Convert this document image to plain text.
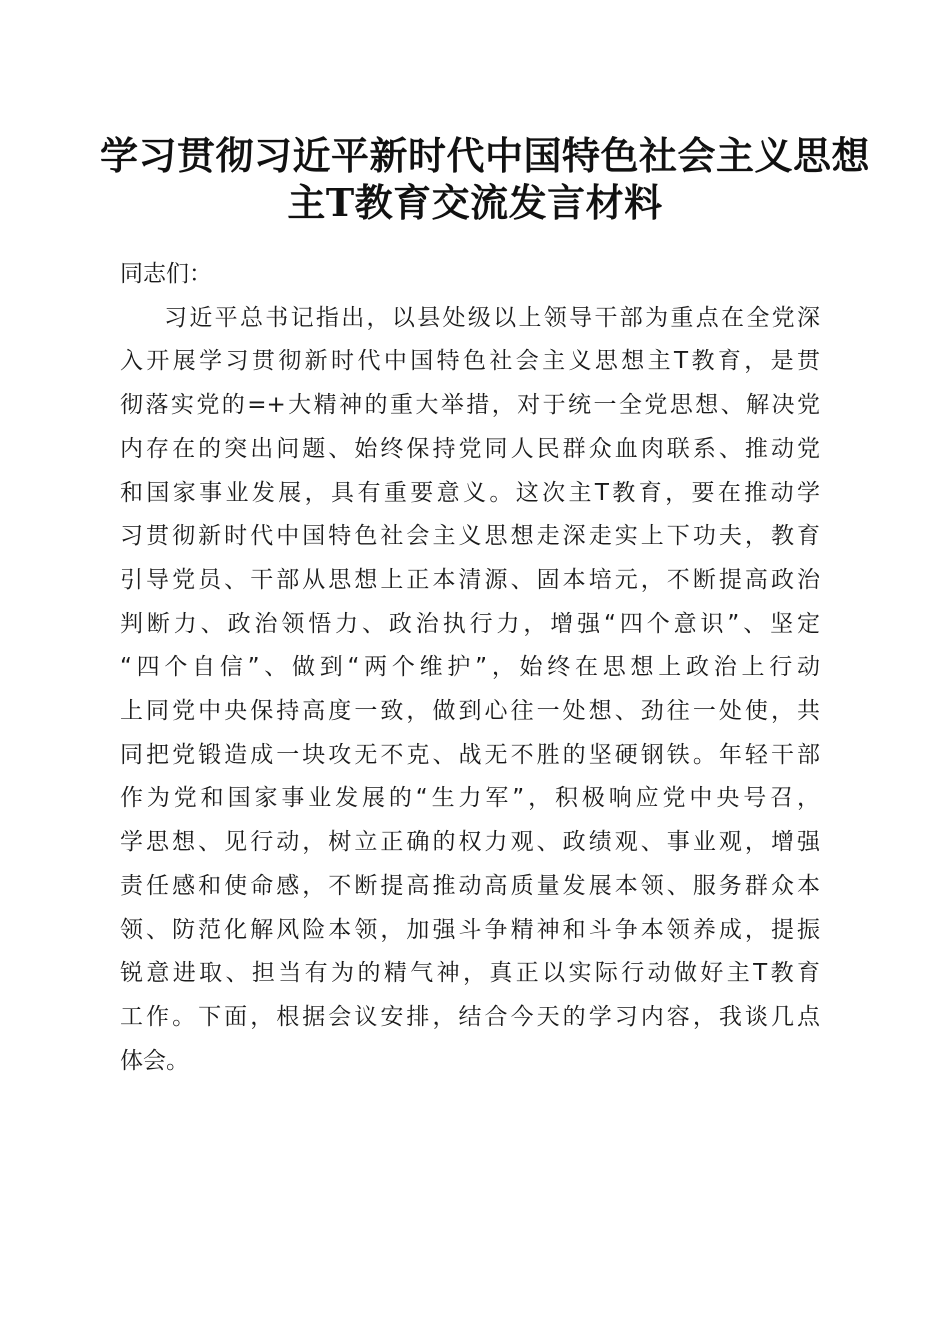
学习贯彻习近平新时代中国特色社会主义思想
主T教育交流发言材料

同志们：

习近平总书记指出，以县处级以上领导干部为重点在全党深
入开展学习贯彻新时代中国特色社会主义思想主T教育，是贯
彻落实党的=+大精神的重大举措，对于统一全党思想、解决党
内存在的突出问题、始终保持党同人民群众血肉联系、推动党
和国家事业发展，具有重要意义。这次主T教育，要在推动学
习贯彻新时代中国特色社会主义思想走深走实上下功夫，教育
引导党员、干部从思想上正本清源、固本培元，不断提高政治
判断力、政治领悟力、政治执行力，增强“四个意识”、坚定
“四个自信”、做到“两个维护”，始终在思想上政治上行动
上同党中央保持高度一致，做到心往一处想、劲往一处使，共
同把党锻造成一块攻无不克、战无不胜的坚硬钢铁。年轻干部
作为党和国家事业发展的“生力军”，积极响应党中央号召，
学思想、见行动，树立正确的权力观、政绩观、事业观，增强
责任感和使命感，不断提高推动高质量发展本领、服务群众本
领、防范化解风险本领，加强斗争精神和斗争本领养成，提振
锐意进取、担当有为的精气神，真正以实际行动做好主T教育
工作。下面，根据会议安排，结合今天的学习内容，我谈几点
体会。
